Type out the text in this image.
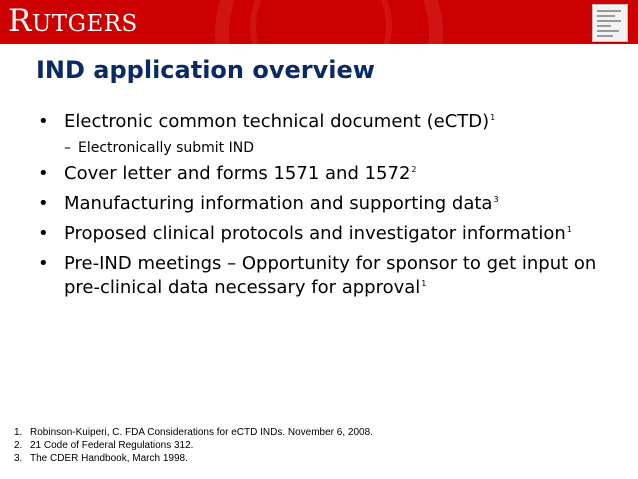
RUTGERS
IND application overview
• Electronic common technical document (eCTD)$^1$
– Electronically submit IND
• Cover letter and forms 1571 and 1572$^2$
• Manufacturing information and supporting data$^3$
• Proposed clinical protocols and investigator information$^1$
• Pre-IND meetings – Opportunity for sponsor to get input on pre-clinical data necessary for approval$^1$
1. Robinson-Kuiperi, C. FDA Considerations for eCTD INDs. November 6, 2008.
2. 21 Code of Federal Regulations 312.
3. The CDER Handbook, March 1998.
